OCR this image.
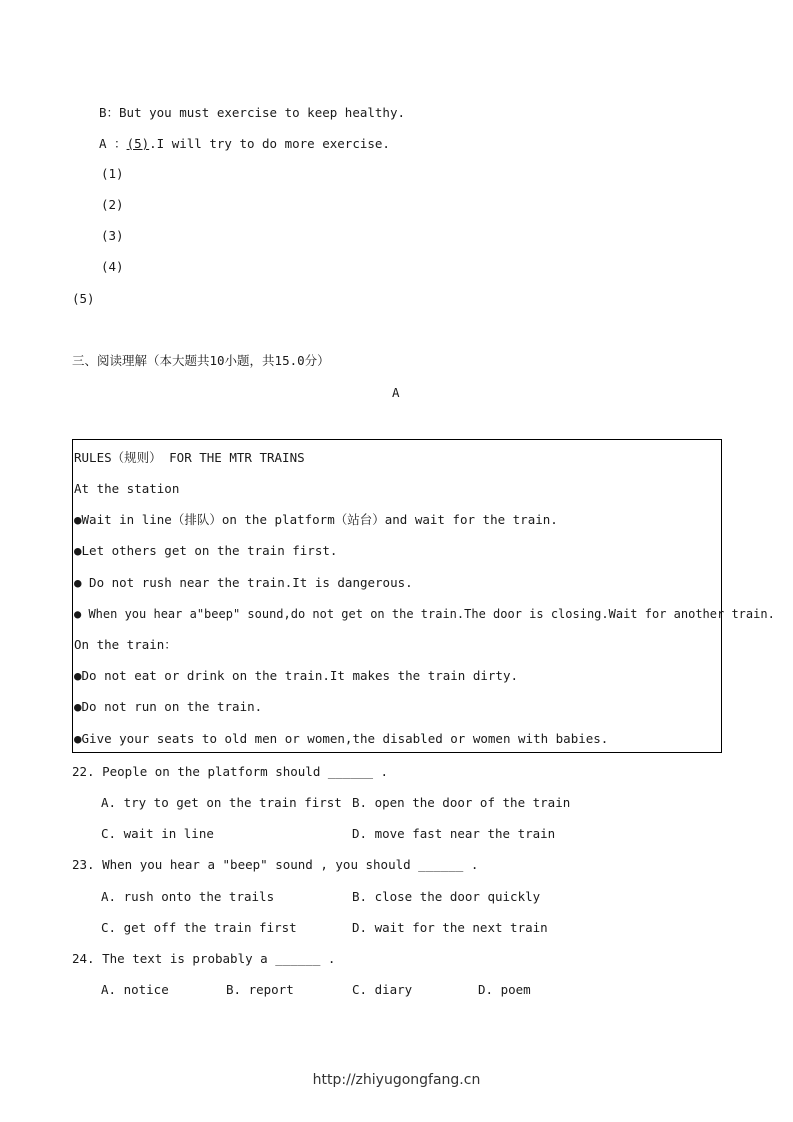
B：But you must exercise to keep healthy.
A ：(5).I will try to do more exercise.
(1)
(2)
(3)
(4)
(5)
三、阅读理解（本大题共10小题，共15.0分）
A
RULES（规则） FOR THE MTR TRAINS
At the station
●Wait in line（排队）on the platform（站台）and wait for the train.
●Let others get on the train first.
● Do not rush near the train.It is dangerous.
● When you hear a"beep" sound,do not get on the train.The door is closing.Wait for another train.
On the train：
●Do not eat or drink on the train.It makes the train dirty.
●Do not run on the train.
●Give your seats to old men or women,the disabled or women with babies.
22. People on the platform should ______ .
A. try to get on the train first B. open the door of the train
C. wait in line	D. move fast near the train
23. When you hear a "beep" sound , you should ______ .
A. rush onto the trails	B. close the door quickly
C. get off the train first	D. wait for the next train
24. The text is probably a ______ .
A. notice	B. report	C. diary	D. poem
http://zhiyugongfang.cn
